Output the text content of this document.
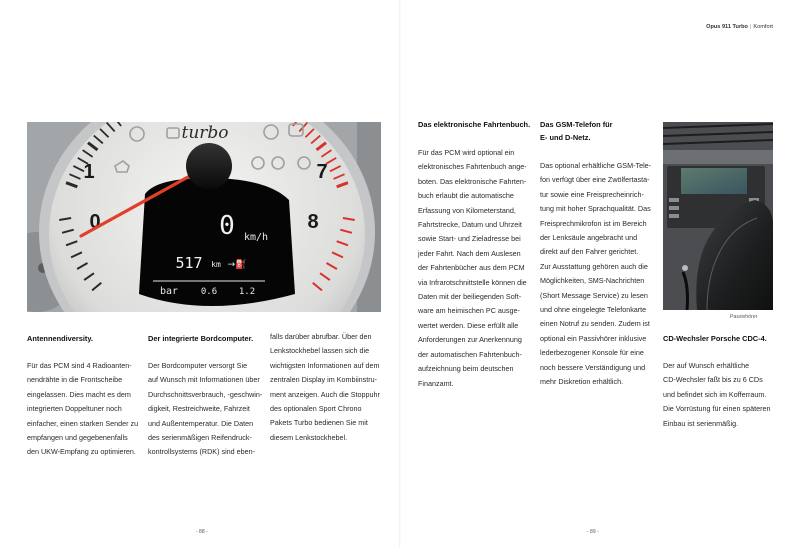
Opus 911 Turbo | Komfort
turbo
0
1	7
8
0 km/h
517 km →⛽
bar	0.6 1.2
Antennendiversity.

Für das PCM sind 4 Radioanten-

nendrähte in die Frontscheibe

eingelassen. Dies macht es dem

integrierten Doppeltuner noch

einfacher, einen starken Sender zu

empfangen und gegebenenfalls

den UKW-Empfang zu optimieren.

Der integrierte Bordcomputer.

Der Bordcomputer versorgt Sie

auf Wunsch mit Informationen über

Durchschnittsverbrauch, -geschwin-

digkeit, Restreichweite, Fahrzeit

und Außentemperatur. Die Daten

des serienmäßigen Reifendruck-

kontrollsystems (RDK) sind eben-

falls darüber abrufbar. Über den

Lenkstockhebel lassen sich die

wichtigsten Informationen auf dem

zentralen Display im Kombiinstru-

ment anzeigen. Auch die Stoppuhr

des optionalen Sport Chrono

Pakets Turbo bedienen Sie mit

diesem Lenkstockhebel.

- 88 -
Das elektronische Fahrtenbuch.

Für das PCM wird optional ein

elektronisches Fahrtenbuch ange-

boten. Das elektronische Fahrten-

buch erlaubt die automatische

Erfassung von Kilometerstand,

Fahrtstrecke, Datum und Uhrzeit

sowie Start- und Zieladresse bei

jeder Fahrt. Nach dem Auslesen

der Fahrtenbücher aus dem PCM

via Infrarotschnittstelle können die

Daten mit der beiliegenden Soft-

ware am heimischen PC ausge-

wertet werden. Diese erfüllt alle

Anforderungen zur Anerkennung

der automatischen Fahrtenbuch-

aufzeichnung beim deutschen

Finanzamt.

Das GSM-Telefon für
E- und D-Netz.

Das optional erhältliche GSM-Tele-

fon verfügt über eine Zwölfertasta-

tur sowie eine Freisprecheinrich-

tung mit hoher Sprachqualität. Das

Freisprechmikrofon ist im Bereich

der Lenksäule angebracht und

direkt auf den Fahrer gerichtet.

Zur Ausstattung gehören auch die

Möglichkeiten, SMS-Nachrichten

(Short Message Service) zu lesen

und ohne eingelegte Telefonkarte

einen Notruf zu senden. Zudem ist

optional ein Passivhörer inklusive

lederbezogener Konsole für eine

noch bessere Verständigung und

mehr Diskretion erhältlich.

Passivhörer
CD-Wechsler Porsche CDC-4.

Der auf Wunsch erhältliche

CD-Wechsler faßt bis zu 6 CDs

und befindet sich im Kofferraum.

Die Vorrüstung für einen späteren

Einbau ist serienmäßig.

- 89 -
